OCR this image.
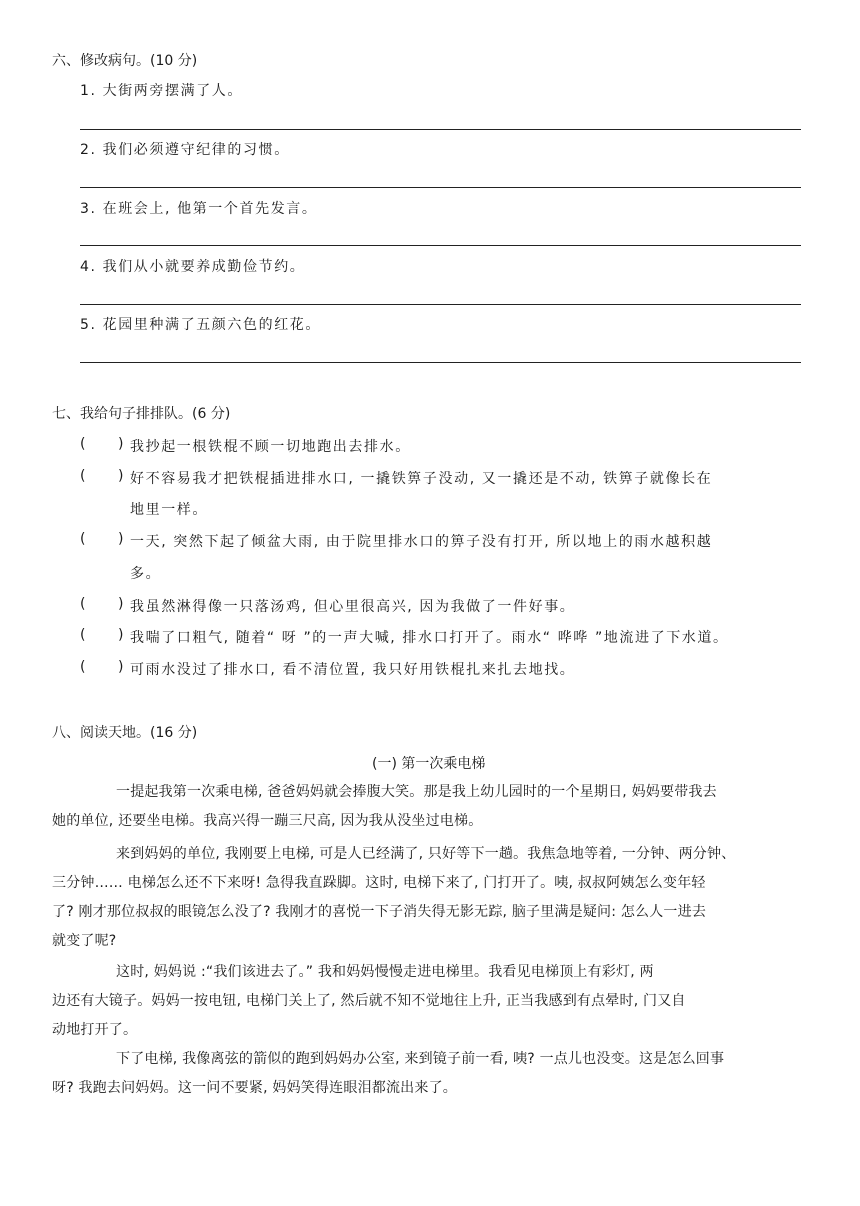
六、修改病句。(10 分)
1. 大街两旁摆满了人。
2. 我们必须遵守纪律的习惯。
3. 在班会上, 他第一个首先发言。
4. 我们从小就要养成勤俭节约。
5. 花园里种满了五颜六色的红花。
七、我给句子排排队。(6 分)
( ) 我抄起一根铁棍不顾一切地跑出去排水。
( ) 好不容易我才把铁棍插进排水口, 一撬铁箅子没动, 又一撬还是不动, 铁箅子就像长在
地里一样。
( ) 一天, 突然下起了倾盆大雨, 由于院里排水口的箅子没有打开, 所以地上的雨水越积越
多。
( ) 我虽然淋得像一只落汤鸡, 但心里很高兴, 因为我做了一件好事。
( ) 我喘了口粗气, 随着“ 呀 ”的一声大喊, 排水口打开了。雨水“ 哗哗 ”地流进了下水道。
( ) 可雨水没过了排水口, 看不清位置, 我只好用铁棍扎来扎去地找。
八、阅读天地。(16 分)
(一) 第一次乘电梯
一提起我第一次乘电梯, 爸爸妈妈就会捧腹大笑。那是我上幼儿园时的一个星期日, 妈妈要带我去
她的单位, 还要坐电梯。我高兴得一蹦三尺高, 因为我从没坐过电梯。
来到妈妈的单位, 我刚要上电梯, 可是人已经满了, 只好等下一趟。我焦急地等着, 一分钟、两分钟、
三分钟…… 电梯怎么还不下来呀! 急得我直跺脚。这时, 电梯下来了, 门打开了。咦, 叔叔阿姨怎么变年轻
了? 刚才那位叔叔的眼镜怎么没了? 我刚才的喜悦一下子消失得无影无踪, 脑子里满是疑问: 怎么人一进去
就变了呢?
这时, 妈妈说 :“我们该进去了。” 我和妈妈慢慢走进电梯里。我看见电梯顶上有彩灯, 两
边还有大镜子。妈妈一按电钮, 电梯门关上了, 然后就不知不觉地往上升, 正当我感到有点晕时, 门又自
动地打开了。
下了电梯, 我像离弦的箭似的跑到妈妈办公室, 来到镜子前一看, 咦? 一点儿也没变。这是怎么回事
呀? 我跑去问妈妈。这一问不要紧, 妈妈笑得连眼泪都流出来了。
